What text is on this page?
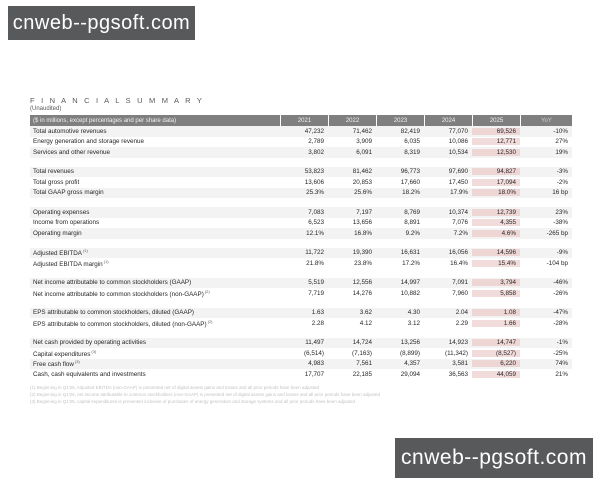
cnweb--pgsoft.com
F I N A N C I A L S U M M A R Y
(Unaudited)
($ in millions, except percentages and per share data)	2021	2022	2023	2024	2025	YoY
Total automotive revenues	47,232	71,462	82,419	77,070	69,526	-10%
Energy generation and storage revenue	2,789	3,909	6,035	10,086	12,771	27%
Services and other revenue	3,802	6,091	8,319	10,534	12,530	19%
Total revenues	53,823	81,462	96,773	97,690	94,827	-3%
Total gross profit	13,606	20,853	17,660	17,450	17,094	-2%
Total GAAP gross margin	25.3%	25.6%	18.2%	17.9%	18.0%	16 bp
Operating expenses	7,083	7,197	8,769	10,374	12,739	23%
Income from operations	6,523	13,656	8,891	7,076	4,355	-38%
Operating margin	12.1%	16.8%	9.2%	7.2%	4.6%	-265 bp
Adjusted EBITDA$^{(1)}$	11,722	19,390	16,631	16,056	14,596	-9%
Adjusted EBITDA margin$^{(1)}$	21.8%	23.8%	17.2%	16.4%	15.4%	-104 bp
Net income attributable to common stockholders (GAAP)	5,519	12,556	14,997	7,091	3,794	-46%
Net income attributable to common stockholders (non-GAAP)$^{(2)}$	7,719	14,276	10,882	7,960	5,858	-26%
EPS attributable to common stockholders, diluted (GAAP)	1.63	3.62	4.30	2.04	1.08	-47%
EPS attributable to common stockholders, diluted (non-GAAP)$^{(2)}$	2.28	4.12	3.12	2.29	1.66	-28%
Net cash provided by operating activities	11,497	14,724	13,256	14,923	14,747	-1%
Capital expenditures$^{(3)}$	(6,514)	(7,163)	(8,899)	(11,342)	(8,527)	-25%
Free cash flow$^{(3)}$	4,983	7,561	4,357	3,581	6,220	74%
Cash, cash equivalents and investments	17,707	22,185	29,094	36,563	44,059	21%
(1) Beginning in Q1'25, Adjusted EBITDA (non-GAAP) is presented net of digital assets gains and losses and all prior periods have been adjusted
(2) Beginning in Q1'25, net income attributable to common stockholders (non-GAAP) is presented net of digital assets gains and losses and all prior periods have been adjusted
(3) Beginning in Q1'25, capital expenditures is presented inclusive of purchases of energy generation and storage systems and all prior periods have been adjusted
cnweb--pgsoft.com
